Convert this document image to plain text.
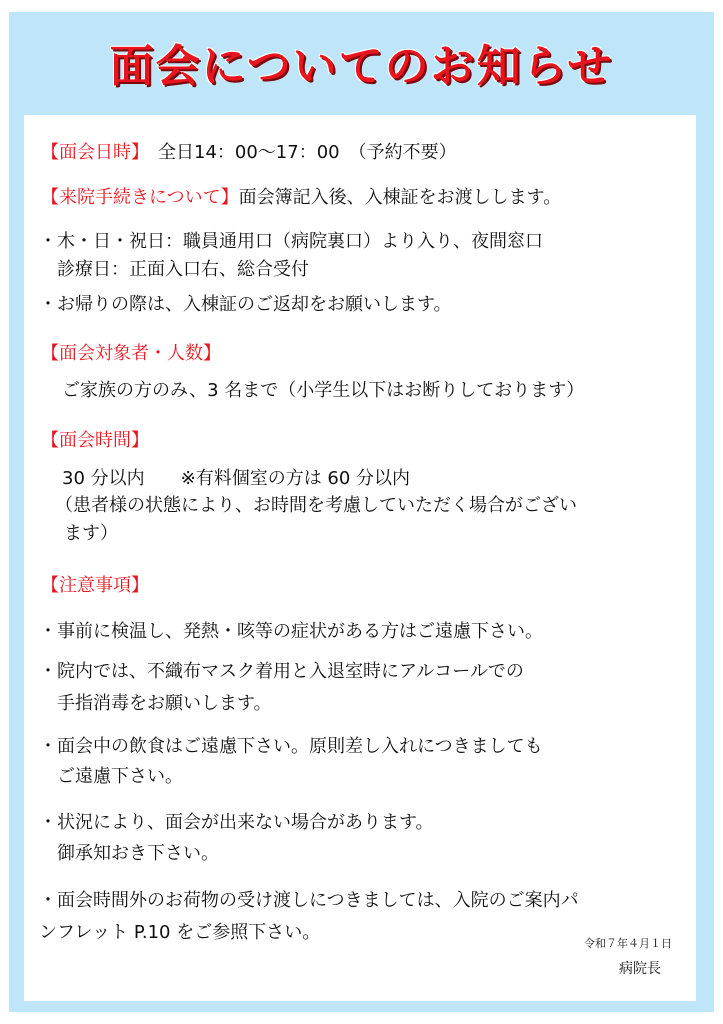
面会についてのお知らせ
【面会日時】　全日14：00～17：00　（予約不要）
【来院手続きについて】面会簿記入後、入棟証をお渡しします。
・木・日・祝日：職員通用口（病院裏口）より入り、夜間窓口
　診療日：正面入口右、総合受付
・お帰りの際は、入棟証のご返却をお願いします。
【面会対象者・人数】
ご家族の方のみ、3 名まで（小学生以下はお断りしております）
【面会時間】
30 分以内　　※有料個室の方は 60 分以内
（患者様の状態により、お時間を考慮していただく場合がござい
ます）
【注意事項】
・事前に検温し、発熱・咳等の症状がある方はご遠慮下さい。
・院内では、不織布マスク着用と入退室時にアルコールでの
　手指消毒をお願いします。
・面会中の飲食はご遠慮下さい。原則差し入れにつきましても
　ご遠慮下さい。
・状況により、面会が出来ない場合があります。
　御承知おき下さい。
・面会時間外のお荷物の受け渡しにつきましては、入院のご案内パ
ンフレット P.10 をご参照下さい。
令和７年４月１日
病院長
